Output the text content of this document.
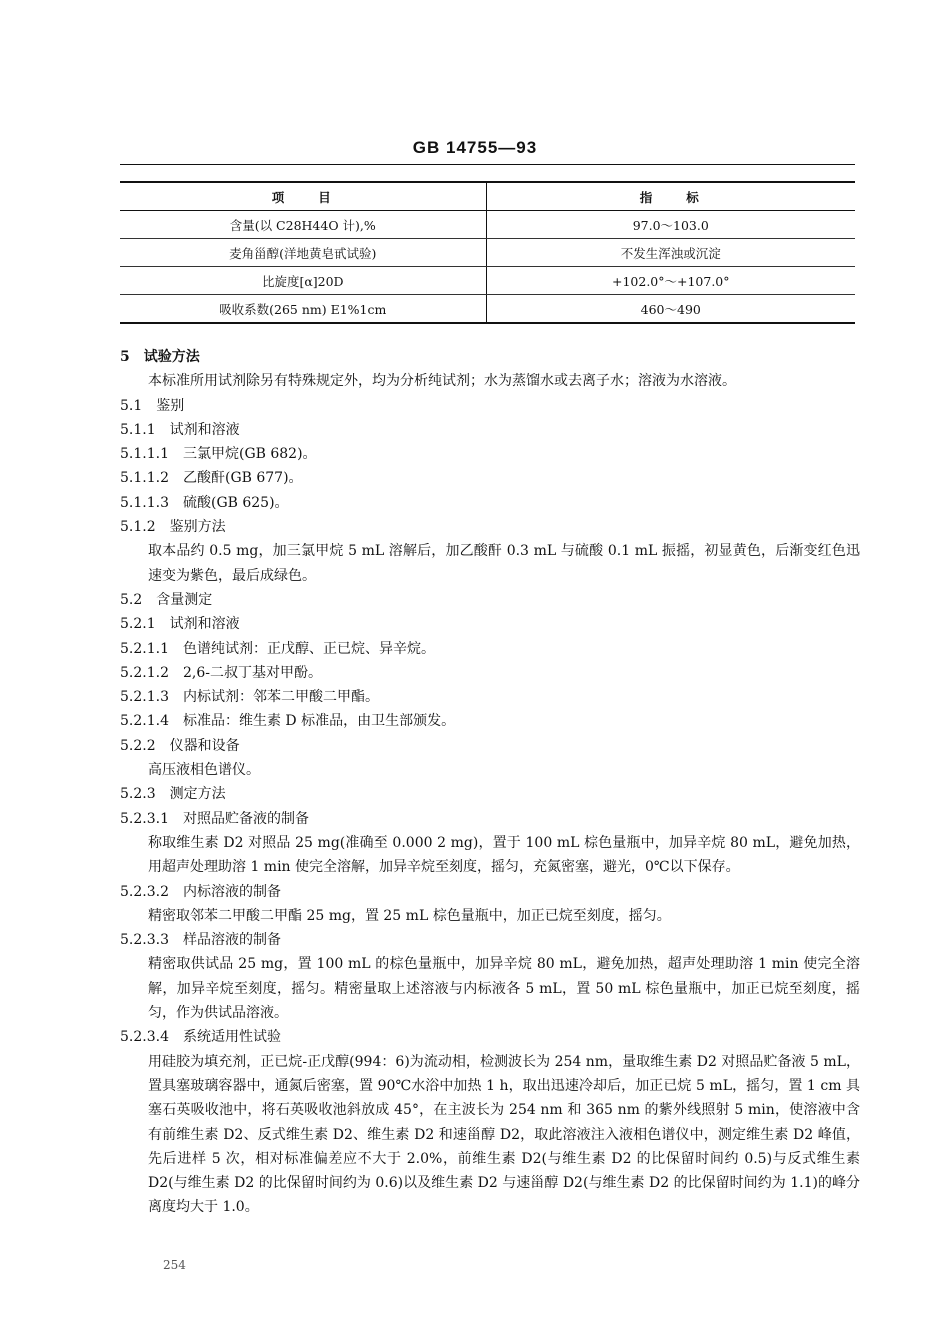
GB 14755—93
项　　目	指　　标
含量(以 C28H44O 计),%	97.0～103.0
麦角甾醇(洋地黄皂甙试验)	不发生浑浊或沉淀
比旋度[α]20D	+102.0°～+107.0°
吸收系数(265 nm) E1%1cm	460～490

5　试验方法

本标准所用试剂除另有特殊规定外，均为分析纯试剂；水为蒸馏水或去离子水；溶液为水溶液。

5.1　鉴别

5.1.1　试剂和溶液

5.1.1.1　三氯甲烷(GB 682)。

5.1.1.2　乙酸酐(GB 677)。

5.1.1.3　硫酸(GB 625)。

5.1.2　鉴别方法

取本品约 0.5 mg，加三氯甲烷 5 mL 溶解后，加乙酸酐 0.3 mL 与硫酸 0.1 mL 振摇，初显黄色，后渐变红色迅速变为紫色，最后成绿色。

5.2　含量测定

5.2.1　试剂和溶液

5.2.1.1　色谱纯试剂：正戊醇、正已烷、异辛烷。

5.2.1.2　2,6-二叔丁基对甲酚。

5.2.1.3　内标试剂：邻苯二甲酸二甲酯。

5.2.1.4　标准品：维生素 D 标准品，由卫生部颁发。

5.2.2　仪器和设备

高压液相色谱仪。

5.2.3　测定方法

5.2.3.1　对照品贮备液的制备

称取维生素 D2 对照品 25 mg(准确至 0.000 2 mg)，置于 100 mL 棕色量瓶中，加异辛烷 80 mL，避免加热，用超声处理助溶 1 min 使完全溶解，加异辛烷至刻度，摇匀，充氮密塞，避光，0℃以下保存。

5.2.3.2　内标溶液的制备

精密取邻苯二甲酸二甲酯 25 mg，置 25 mL 棕色量瓶中，加正已烷至刻度，摇匀。

5.2.3.3　样品溶液的制备

精密取供试品 25 mg，置 100 mL 的棕色量瓶中，加异辛烷 80 mL，避免加热，超声处理助溶 1 min 使完全溶解，加异辛烷至刻度，摇匀。精密量取上述溶液与内标液各 5 mL，置 50 mL 棕色量瓶中，加正已烷至刻度，摇匀，作为供试品溶液。

5.2.3.4　系统适用性试验

用硅胶为填充剂，正已烷-正戊醇(994：6)为流动相，检测波长为 254 nm，量取维生素 D2 对照品贮备液 5 mL，置具塞玻璃容器中，通氮后密塞，置 90℃水浴中加热 1 h，取出迅速冷却后，加正已烷 5 mL，摇匀，置 1 cm 具塞石英吸收池中，将石英吸收池斜放成 45°，在主波长为 254 nm 和 365 nm 的紫外线照射 5 min，使溶液中含有前维生素 D2、反式维生素 D2、维生素 D2 和速甾醇 D2，取此溶液注入液相色谱仪中，测定维生素 D2 峰值，先后进样 5 次，相对标准偏差应不大于 2.0%，前维生素 D2(与维生素 D2 的比保留时间约 0.5)与反式维生素 D2(与维生素 D2 的比保留时间约为 0.6)以及维生素 D2 与速甾醇 D2(与维生素 D2 的比保留时间约为 1.1)的峰分离度均大于 1.0。

254
